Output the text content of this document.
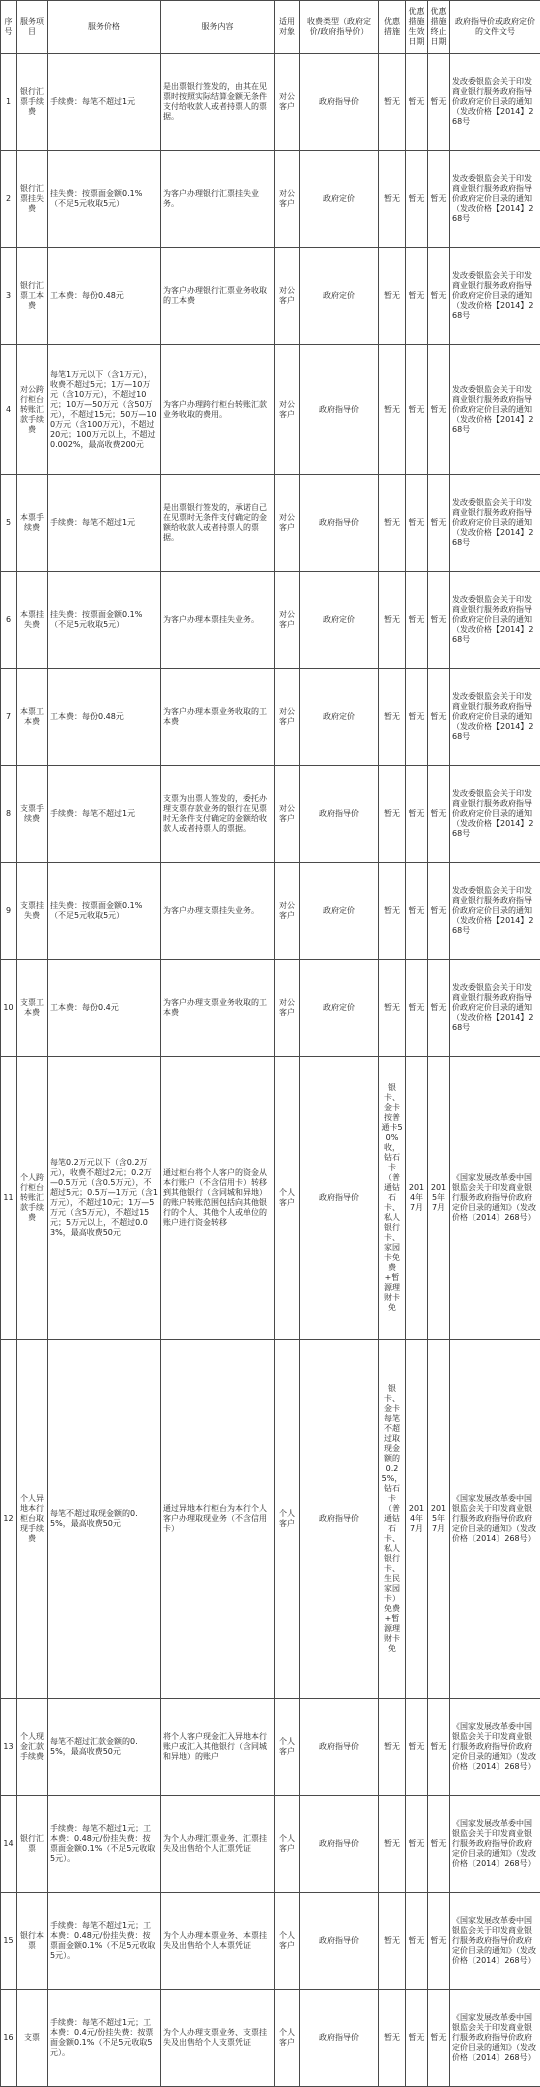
序号	服务项目	服务价格	服务内容	适用对象	收费类型（政府定价/政府指导价）	优惠措施	优惠措施生效日期	优惠措施终止日期	政府指导价或政府定价的文件文号
1	银行汇票手续费	手续费：每笔不超过1元	是出票银行签发的，由其在见票时按照实际结算金额无条件支付给收款人或者持票人的票据。	对公客户	政府指导价	暂无	暂无	暂无	发改委银监会关于印发商业银行服务政府指导价政府定价目录的通知（发改价格【2014】268号
2	银行汇票挂失费	挂失费：按票面金额0.1%（不足5元收取5元）	为客户办理银行汇票挂失业务。	对公客户	政府定价	暂无	暂无	暂无	发改委银监会关于印发商业银行服务政府指导价政府定价目录的通知（发改价格【2014】268号
3	银行汇票工本费	工本费：每份0.48元	为客户办理银行汇票业务收取的工本费	对公客户	政府定价	暂无	暂无	暂无	发改委银监会关于印发商业银行服务政府指导价政府定价目录的通知（发改价格【2014】268号
4	对公跨行柜台转账汇款手续费	每笔1万元以下（含1万元），收费不超过5元；1万—10万元（含10万元），不超过10元；10万—50万元（含50万元），不超过15元；50万—100万元（含100万元），不超过20元；100万元以上，不超过0.002%，最高收费200元	为客户办理跨行柜台转账汇款业务收取的费用。	对公客户	政府指导价	暂无	暂无	暂无	发改委银监会关于印发商业银行服务政府指导价政府定价目录的通知（发改价格【2014】268号
5	本票手续费	手续费：每笔不超过1元	是出票银行签发的，承诺自己在见票时无条件支付确定的金额给收款人或者持票人的票据。	对公客户	政府指导价	暂无	暂无	暂无	发改委银监会关于印发商业银行服务政府指导价政府定价目录的通知（发改价格【2014】268号
6	本票挂失费	挂失费：按票面金额0.1%（不足5元收取5元）	为客户办理本票挂失业务。	对公客户	政府定价	暂无	暂无	暂无	发改委银监会关于印发商业银行服务政府指导价政府定价目录的通知（发改价格【2014】268号
7	本票工本费	工本费：每份0.48元	为客户办理本票业务收取的工本费	对公客户	政府定价	暂无	暂无	暂无	发改委银监会关于印发商业银行服务政府指导价政府定价目录的通知（发改价格【2014】268号
8	支票手续费	手续费：每笔不超过1元	支票为出票人签发的，委托办理支票存款业务的银行在见票时无条件支付确定的金额给收款人或者持票人的票据。	对公客户	政府指导价	暂无	暂无	暂无	发改委银监会关于印发商业银行服务政府指导价政府定价目录的通知（发改价格【2014】268号
9	支票挂失费	挂失费：按票面金额0.1%（不足5元收取5元）	为客户办理支票挂失业务。	对公客户	政府定价	暂无	暂无	暂无	发改委银监会关于印发商业银行服务政府指导价政府定价目录的通知（发改价格【2014】268号
10	支票工本费	工本费：每份0.4元	为客户办理支票业务收取的工本费	对公客户	政府定价	暂无	暂无	暂无	发改委银监会关于印发商业银行服务政府指导价政府定价目录的通知（发改价格【2014】268号
11	个人跨行柜台转账汇款手续费	每笔0.2万元以下（含0.2万元），收费不超过2元；0.2万—0.5万元（含0.5万元），不超过5元；0.5万—1万元（含1万元），不超过10元；1万—5万元（含5万元），不超过15元；5万元以上，不超过0.03%，最高收费50元	通过柜台将个人客户的资金从本行账户（不含信用卡）转移到其他银行（含同城和异地）的账户转账范围包括向其他银行的个人、其他个人或单位的账户进行资金转移	个人客户	政府指导价	银卡、金卡按普通卡50%收，钻石卡（普通钻石卡、私人银行卡、家园卡免费+暂源理财卡免	2014年7月	2015年7月	《国家发展改革委中国银监会关于印发商业银行服务政府指导价政府定价目录的通知》（发改价格〔2014〕268号）
12	个人异地本行柜台取现手续费	每笔不超过取现金额的0.5%，最高收费50元	通过异地本行柜台为本行个人客户办理取现业务（不含信用卡）	个人客户	政府指导价	银卡、金卡每笔不超过取现金额的0.25%，钻石卡（普通钻石卡、私人银行卡、生民家园卡）免费+暂源理财卡免	2014年7月	2015年7月	《国家发展改革委中国银监会关于印发商业银行服务政府指导价政府定价目录的通知》（发改价格〔2014〕268号）
13	个人现金汇款手续费	每笔不超过汇款金额的0.5%，最高收费50元	将个人客户现金汇入异地本行账户或汇入其他银行（含同城和异地）的账户	个人客户	政府指导价	暂无	暂无	暂无	《国家发展改革委中国银监会关于印发商业银行服务政府指导价政府定价目录的通知》（发改价格〔2014〕268号）
14	银行汇票	手续费：每笔不超过1元；工本费：0.48元/份挂失费：按票面金额0.1%（不足5元收取5元）。	为个人办理汇票业务、汇票挂失及出售给个人汇票凭证	个人客户	政府指导价	暂无	暂无	暂无	《国家发展改革委中国银监会关于印发商业银行服务政府指导价政府定价目录的通知》（发改价格〔2014〕268号）
15	银行本票	手续费：每笔不超过1元；工本费：0.48元/份挂失费：按票面金额0.1%（不足5元收取5元）。	为个人办理本票业务、本票挂失及出售给个人本票凭证	个人客户	政府指导价	暂无	暂无	暂无	《国家发展改革委中国银监会关于印发商业银行服务政府指导价政府定价目录的通知》（发改价格〔2014〕268号）
16	支票	手续费：每笔不超过1元；工本费：0.4元/份挂失费：按票面金额0.1%（不足5元收取5元）。	为个人办理支票业务、支票挂失及出售给个人支票凭证	个人客户	政府指导价	暂无	暂无	暂无	《国家发展改革委中国银监会关于印发商业银行服务政府指导价政府定价目录的通知》（发改价格〔2014〕268号）
